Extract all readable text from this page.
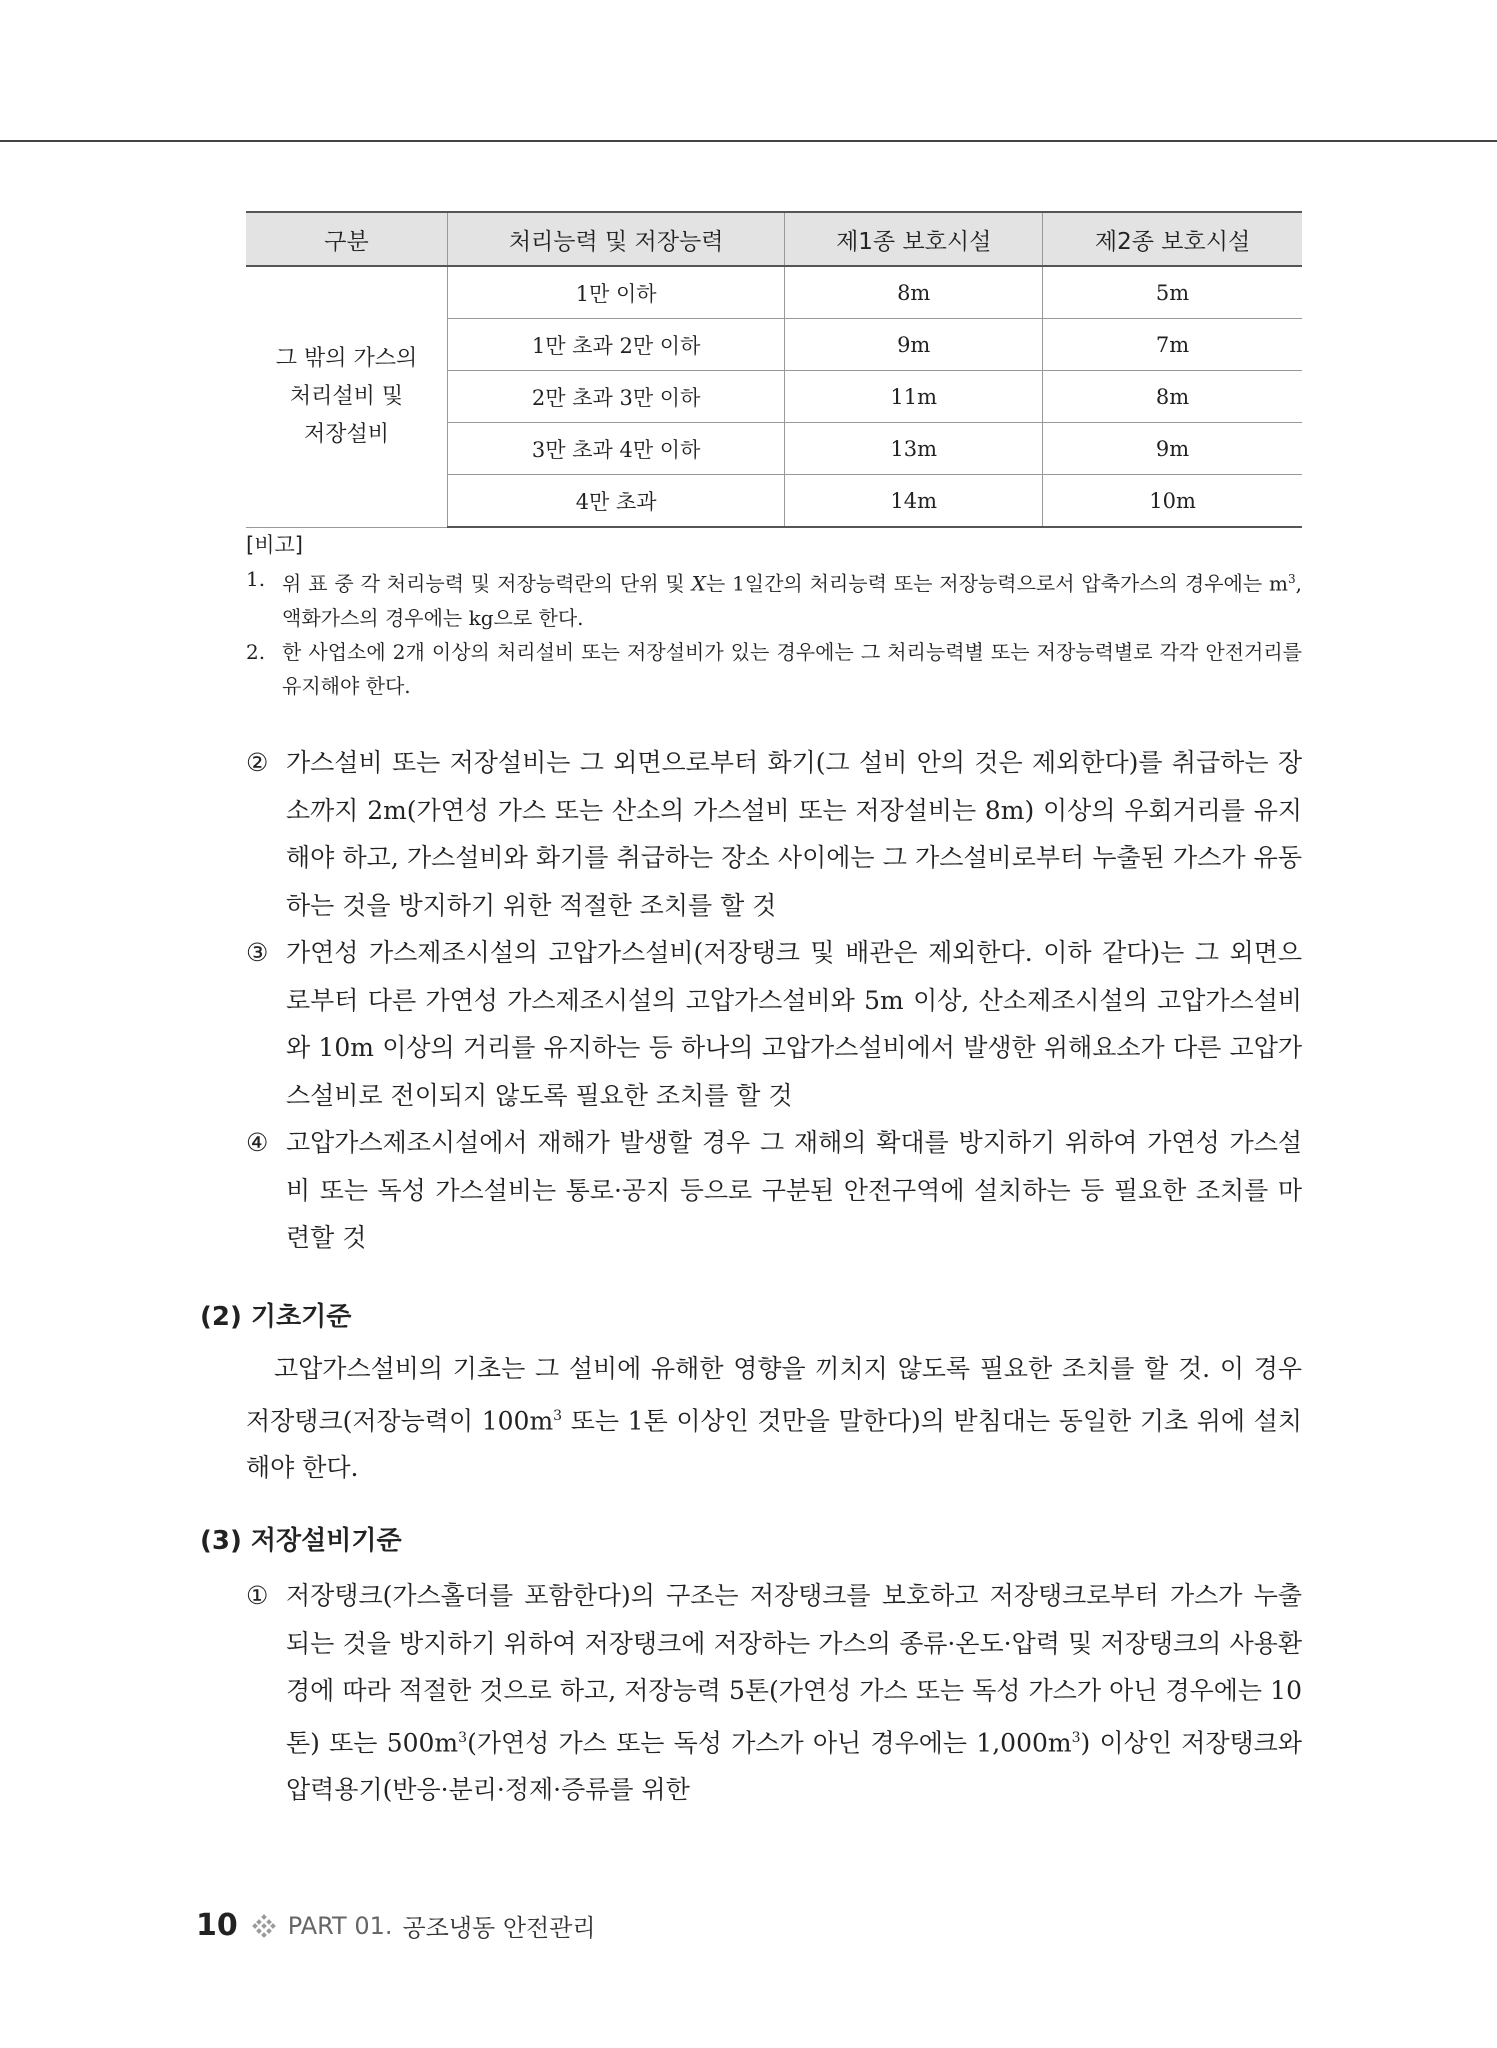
구분	처리능력 및 저장능력	제1종 보호시설	제2종 보호시설

그 밖의 가스의
처리설비 및
저장설비	1만 이하	8m	5m
	1만 초과 2만 이하	9m	7m
	2만 초과 3만 이하	11m	8m
	3만 초과 4만 이하	13m	9m
	4만 초과	14m	10m
[비고]
1. 위 표 중 각 처리능력 및 저장능력란의 단위 및 X는 1일간의 처리능력 또는 저장능력으로서 압축가스의 경우에는 $m^3$, 액화가스의 경우에는 kg으로 한다.
2. 한 사업소에 2개 이상의 처리설비 또는 저장설비가 있는 경우에는 그 처리능력별 또는 저장능력별로 각각 안전거리를 유지해야 한다.
② 가스설비 또는 저장설비는 그 외면으로부터 화기(그 설비 안의 것은 제외한다)를 취급하는 장소까지 2m(가연성 가스 또는 산소의 가스설비 또는 저장설비는 8m) 이상의 우회거리를 유지해야 하고, 가스설비와 화기를 취급하는 장소 사이에는 그 가스설비로부터 누출된 가스가 유동하는 것을 방지하기 위한 적절한 조치를 할 것
③ 가연성 가스제조시설의 고압가스설비(저장탱크 및 배관은 제외한다. 이하 같다)는 그 외면으로부터 다른 가연성 가스제조시설의 고압가스설비와 5m 이상, 산소제조시설의 고압가스설비와 10m 이상의 거리를 유지하는 등 하나의 고압가스설비에서 발생한 위해요소가 다른 고압가스설비로 전이되지 않도록 필요한 조치를 할 것
④ 고압가스제조시설에서 재해가 발생할 경우 그 재해의 확대를 방지하기 위하여 가연성 가스설비 또는 독성 가스설비는 통로·공지 등으로 구분된 안전구역에 설치하는 등 필요한 조치를 마련할 것
(2) 기초기준
고압가스설비의 기초는 그 설비에 유해한 영향을 끼치지 않도록 필요한 조치를 할 것. 이 경우 저장탱크(저장능력이 $100m^3$ 또는 1톤 이상인 것만을 말한다)의 받침대는 동일한 기초 위에 설치해야 한다.
(3) 저장설비기준
① 저장탱크(가스홀더를 포함한다)의 구조는 저장탱크를 보호하고 저장탱크로부터 가스가 누출되는 것을 방지하기 위하여 저장탱크에 저장하는 가스의 종류·온도·압력 및 저장탱크의 사용환경에 따라 적절한 것으로 하고, 저장능력 5톤(가연성 가스 또는 독성 가스가 아닌 경우에는 10톤) 또는 $500m^3$(가연성 가스 또는 독성 가스가 아닌 경우에는 $1,000m^3$) 이상인 저장탱크와 압력용기(반응·분리·정제·증류를 위한
10 PART 01. 공조냉동 안전관리
